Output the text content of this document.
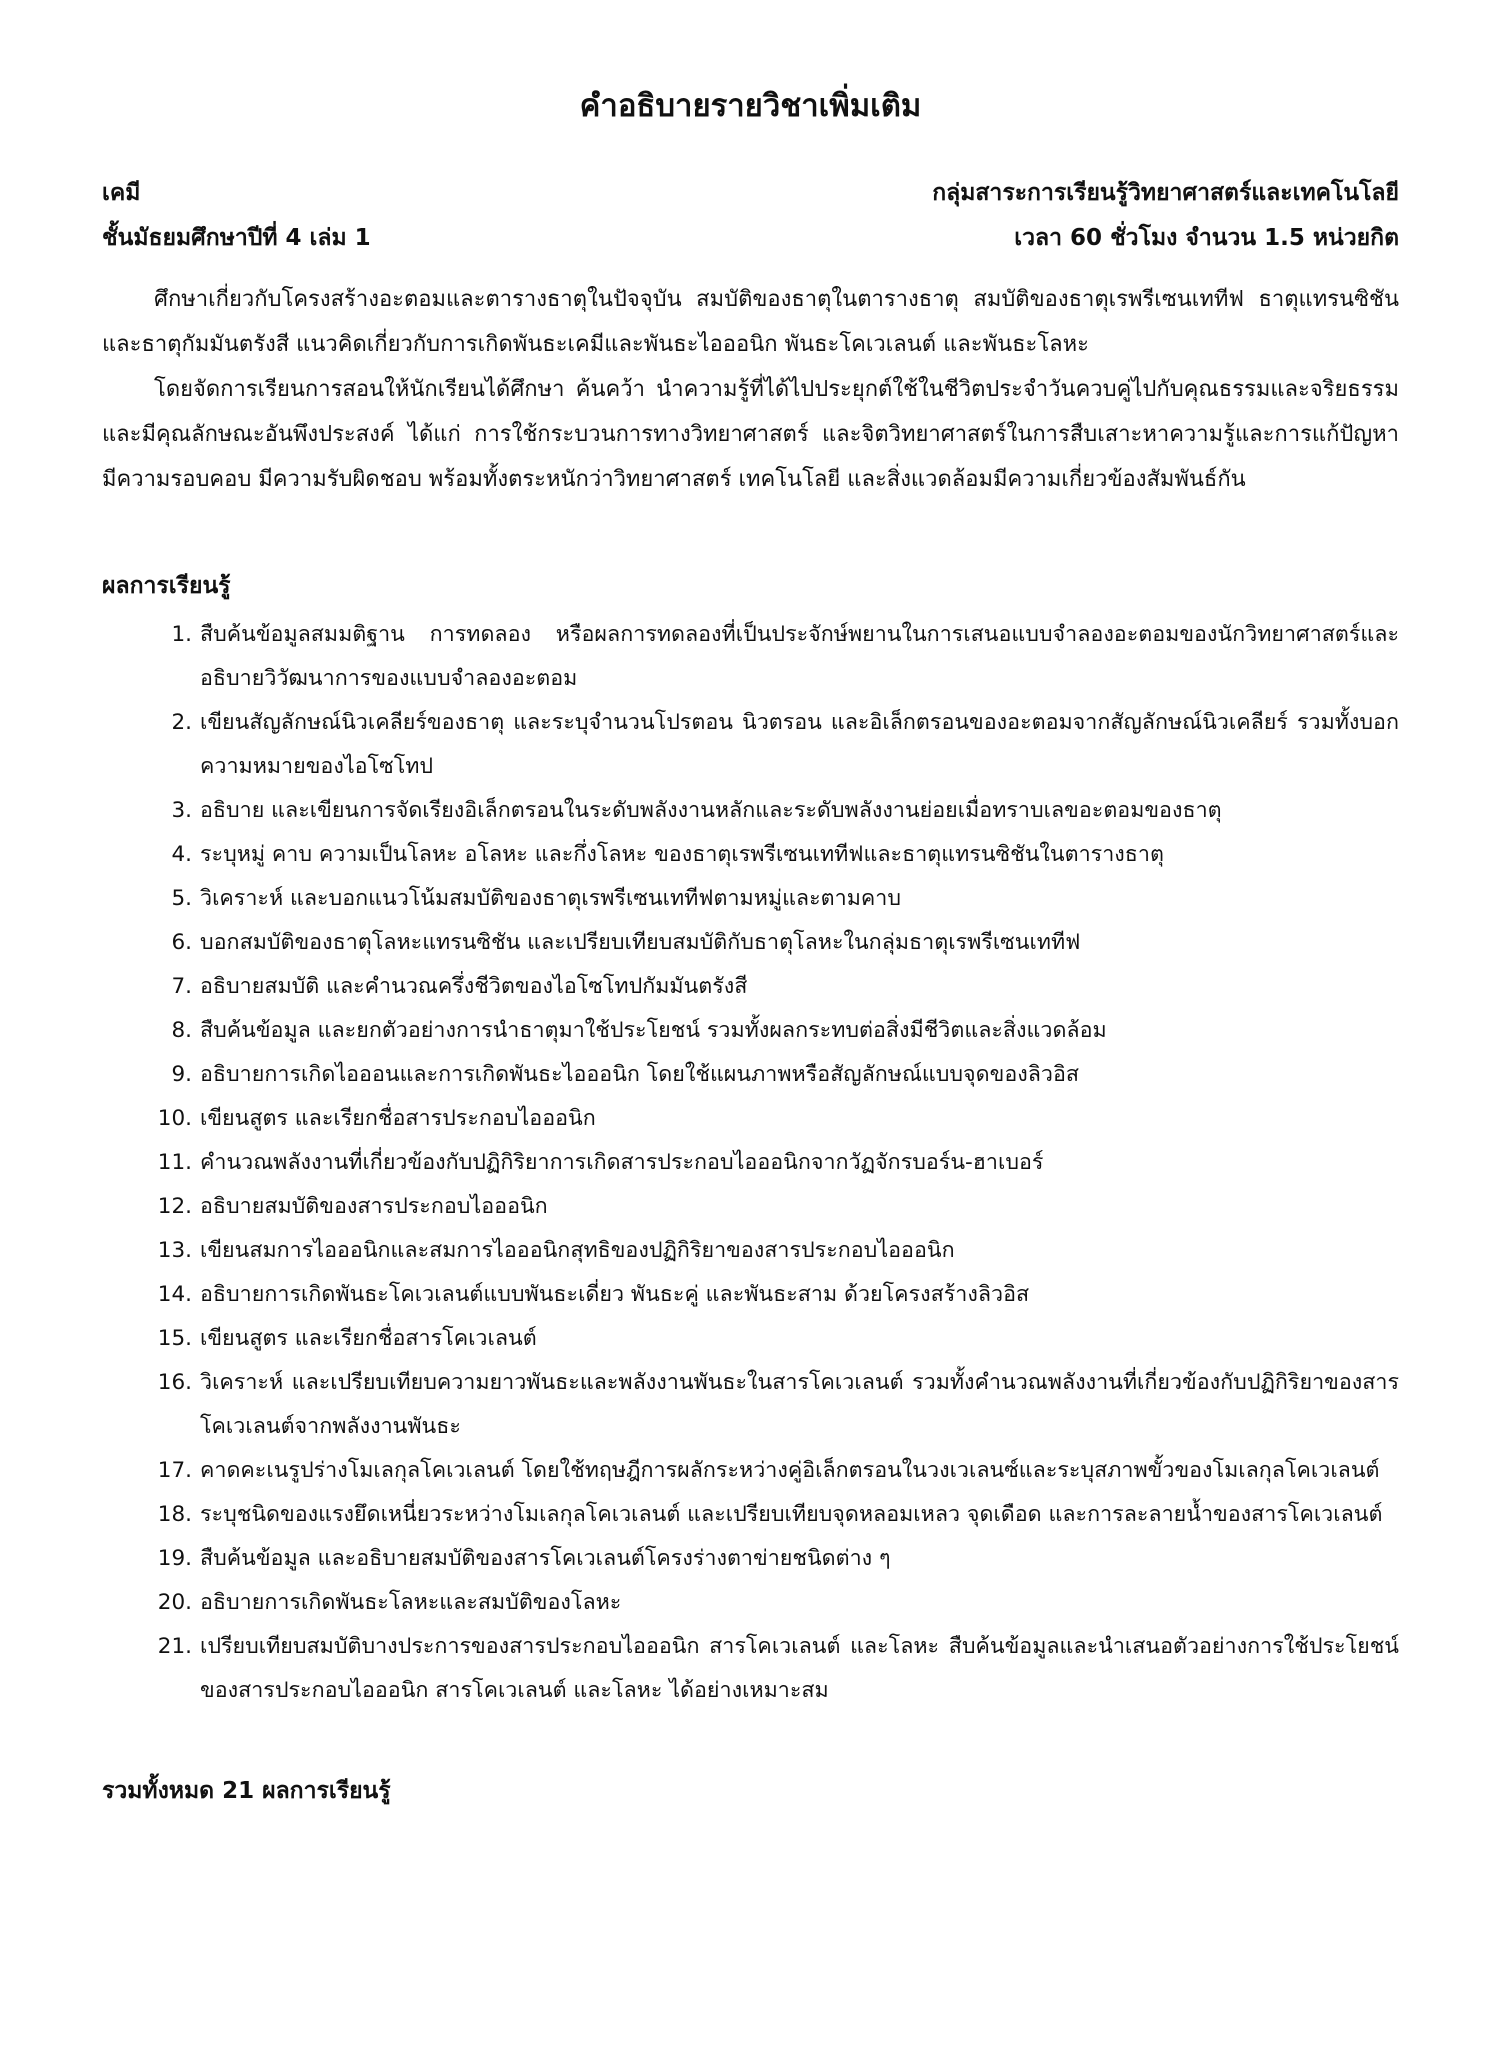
คำอธิบายรายวิชาเพิ่มเติม
เคมี	กลุ่มสาระการเรียนรู้วิทยาศาสตร์และเทคโนโลยี
ชั้นมัธยมศึกษาปีที่ 4 เล่ม 1	เวลา 60 ชั่วโมง จำนวน 1.5 หน่วยกิต

ศึกษาเกี่ยวกับโครงสร้างอะตอมและตารางธาตุในปัจจุบัน สมบัติของธาตุในตารางธาตุ สมบัติของธาตุเรพรีเซนเททีฟ ธาตุแทรนซิชัน และธาตุกัมมันตรังสี แนวคิดเกี่ยวกับการเกิดพันธะเคมีและพันธะไอออนิก พันธะโคเวเลนต์ และพันธะโลหะ

โดยจัดการเรียนการสอนให้นักเรียนได้ศึกษา ค้นคว้า นำความรู้ที่ได้ไปประยุกต์ใช้ในชีวิตประจำวันควบคู่ไปกับคุณธรรมและจริยธรรม และมีคุณลักษณะอันพึงประสงค์ ได้แก่ การใช้กระบวนการทางวิทยาศาสตร์ และจิตวิทยาศาสตร์ในการสืบเสาะหาความรู้และการแก้ปัญหา มีความรอบคอบ มีความรับผิดชอบ พร้อมทั้งตระหนักว่าวิทยาศาสตร์ เทคโนโลยี และสิ่งแวดล้อมมีความเกี่ยวข้องสัมพันธ์กัน

ผลการเรียนรู้
1. สืบค้นข้อมูลสมมติฐาน การทดลอง หรือผลการทดลองที่เป็นประจักษ์พยานในการเสนอแบบจำลองอะตอมของนักวิทยาศาสตร์และอธิบายวิวัฒนาการของแบบจำลองอะตอม
2. เขียนสัญลักษณ์นิวเคลียร์ของธาตุ และระบุจำนวนโปรตอน นิวตรอน และอิเล็กตรอนของอะตอมจากสัญลักษณ์นิวเคลียร์ รวมทั้งบอกความหมายของไอโซโทป
3. อธิบาย และเขียนการจัดเรียงอิเล็กตรอนในระดับพลังงานหลักและระดับพลังงานย่อยเมื่อทราบเลขอะตอมของธาตุ
4. ระบุหมู่ คาบ ความเป็นโลหะ อโลหะ และกึ่งโลหะ ของธาตุเรพรีเซนเททีฟและธาตุแทรนซิชันในตารางธาตุ
5. วิเคราะห์ และบอกแนวโน้มสมบัติของธาตุเรพรีเซนเททีฟตามหมู่และตามคาบ
6. บอกสมบัติของธาตุโลหะแทรนซิชัน และเปรียบเทียบสมบัติกับธาตุโลหะในกลุ่มธาตุเรพรีเซนเททีฟ
7. อธิบายสมบัติ และคำนวณครึ่งชีวิตของไอโซโทปกัมมันตรังสี
8. สืบค้นข้อมูล และยกตัวอย่างการนำธาตุมาใช้ประโยชน์ รวมทั้งผลกระทบต่อสิ่งมีชีวิตและสิ่งแวดล้อม
9. อธิบายการเกิดไอออนและการเกิดพันธะไอออนิก โดยใช้แผนภาพหรือสัญลักษณ์แบบจุดของลิวอิส
10. เขียนสูตร และเรียกชื่อสารประกอบไอออนิก
11. คำนวณพลังงานที่เกี่ยวข้องกับปฏิกิริยาการเกิดสารประกอบไอออนิกจากวัฏจักรบอร์น-ฮาเบอร์
12. อธิบายสมบัติของสารประกอบไอออนิก
13. เขียนสมการไอออนิกและสมการไอออนิกสุทธิของปฏิกิริยาของสารประกอบไอออนิก
14. อธิบายการเกิดพันธะโคเวเลนต์แบบพันธะเดี่ยว พันธะคู่ และพันธะสาม ด้วยโครงสร้างลิวอิส
15. เขียนสูตร และเรียกชื่อสารโคเวเลนต์
16. วิเคราะห์ และเปรียบเทียบความยาวพันธะและพลังงานพันธะในสารโคเวเลนต์ รวมทั้งคำนวณพลังงานที่เกี่ยวข้องกับปฏิกิริยาของสารโคเวเลนต์จากพลังงานพันธะ
17. คาดคะเนรูปร่างโมเลกุลโคเวเลนต์ โดยใช้ทฤษฎีการผลักระหว่างคู่อิเล็กตรอนในวงเวเลนซ์และระบุสภาพขั้วของโมเลกุลโคเวเลนต์
18. ระบุชนิดของแรงยึดเหนี่ยวระหว่างโมเลกุลโคเวเลนต์ และเปรียบเทียบจุดหลอมเหลว จุดเดือด และการละลายน้ำของสารโคเวเลนต์
19. สืบค้นข้อมูล และอธิบายสมบัติของสารโคเวเลนต์โครงร่างตาข่ายชนิดต่าง ๆ
20. อธิบายการเกิดพันธะโลหะและสมบัติของโลหะ
21. เปรียบเทียบสมบัติบางประการของสารประกอบไอออนิก สารโคเวเลนต์ และโลหะ สืบค้นข้อมูลและนำเสนอตัวอย่างการใช้ประโยชน์ของสารประกอบไอออนิก สารโคเวเลนต์ และโลหะ ได้อย่างเหมาะสม
รวมทั้งหมด 21 ผลการเรียนรู้
